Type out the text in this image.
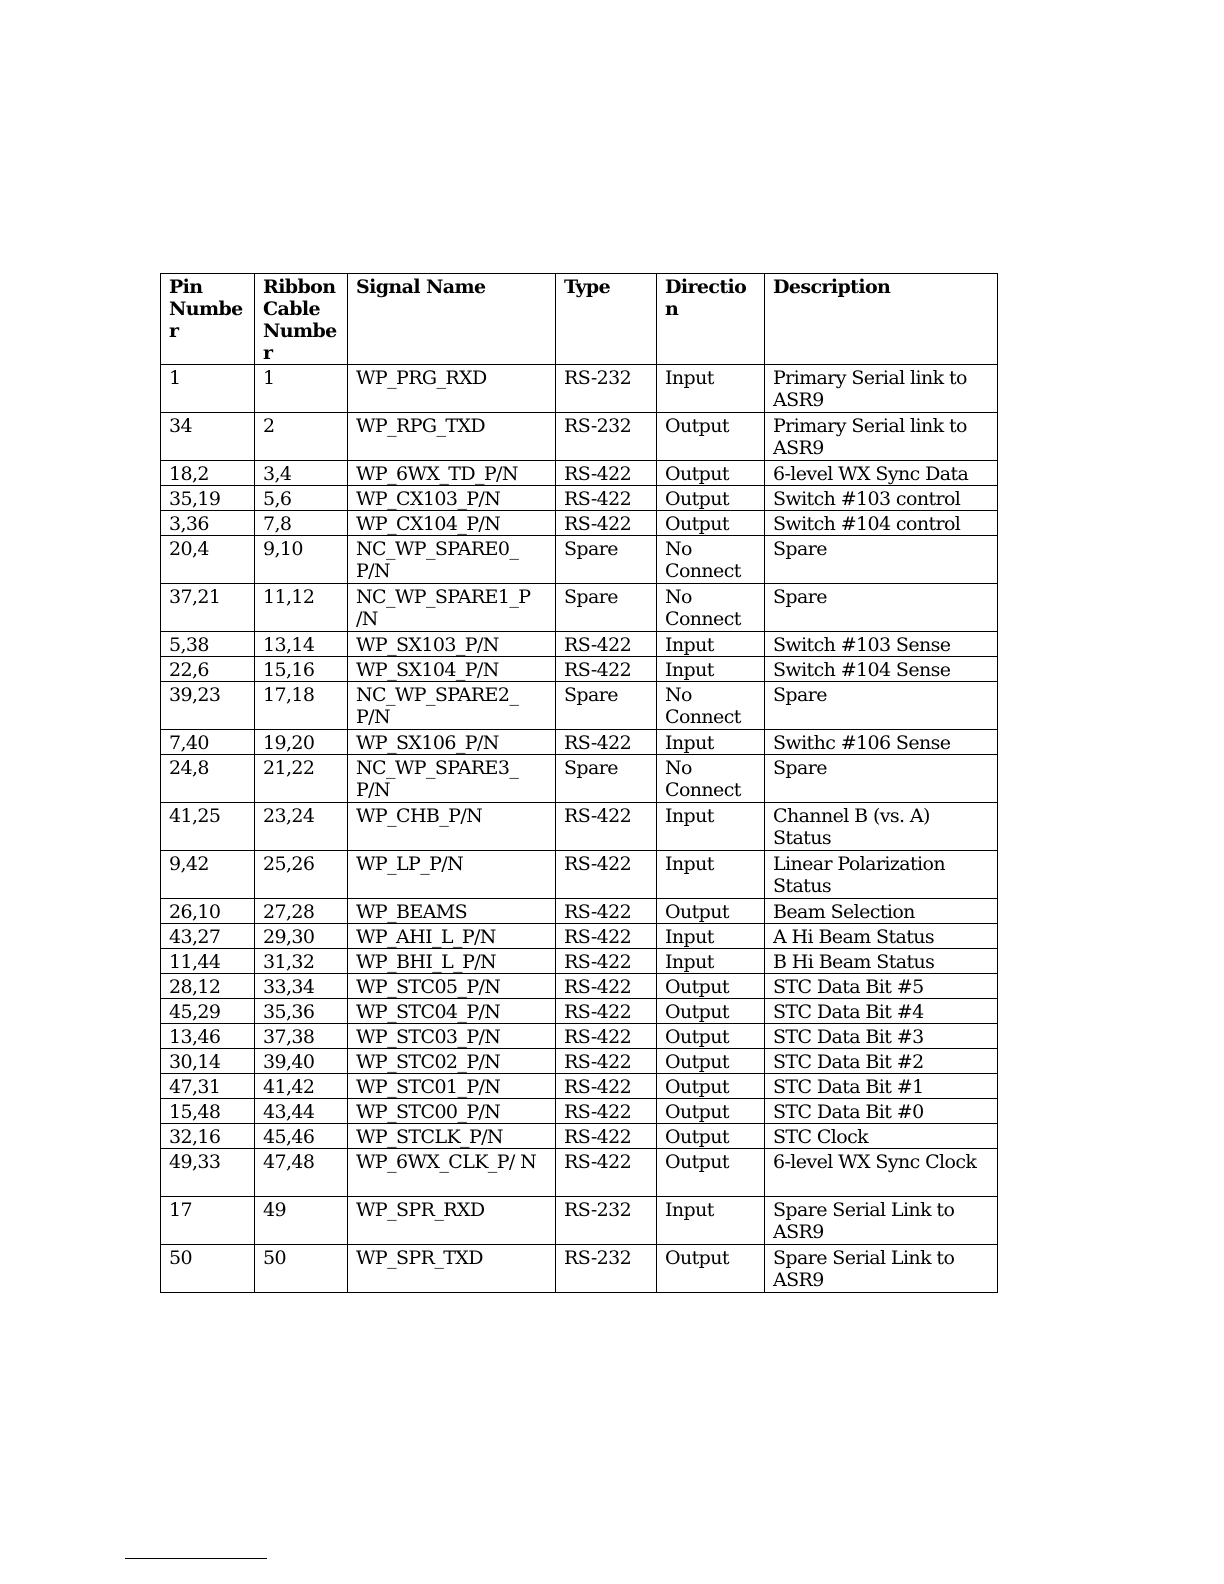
Pin Number	Ribbon Cable Number	Signal Name	Type	Direction	Description
1	1	WP_PRG_RXD	RS-232	Input	Primary Serial link to ASR9
34	2	WP_RPG_TXD	RS-232	Output	Primary Serial link to ASR9
18,2	3,4	WP_6WX_TD_P/N	RS-422	Output	6-level WX Sync Data
35,19	5,6	WP_CX103_P/N	RS-422	Output	Switch #103 control
3,36	7,8	WP_CX104_P/N	RS-422	Output	Switch #104 control
20,4	9,10	NC_WP_SPARE0_ P/N	Spare	No Connect	Spare
37,21	11,12	NC_WP_SPARE1_P /N	Spare	No Connect	Spare
5,38	13,14	WP_SX103_P/N	RS-422	Input	Switch #103 Sense
22,6	15,16	WP_SX104_P/N	RS-422	Input	Switch #104 Sense
39,23	17,18	NC_WP_SPARE2_ P/N	Spare	No Connect	Spare
7,40	19,20	WP_SX106_P/N	RS-422	Input	Swithc #106 Sense
24,8	21,22	NC_WP_SPARE3_ P/N	Spare	No Connect	Spare
41,25	23,24	WP_CHB_P/N	RS-422	Input	Channel B (vs. A) Status
9,42	25,26	WP_LP_P/N	RS-422	Input	Linear Polarization Status
26,10	27,28	WP_BEAMS	RS-422	Output	Beam Selection
43,27	29,30	WP_AHI_L_P/N	RS-422	Input	A Hi Beam Status
11,44	31,32	WP_BHI_L_P/N	RS-422	Input	B Hi Beam Status
28,12	33,34	WP_STC05_P/N	RS-422	Output	STC Data Bit #5
45,29	35,36	WP_STC04_P/N	RS-422	Output	STC Data Bit #4
13,46	37,38	WP_STC03_P/N	RS-422	Output	STC Data Bit #3
30,14	39,40	WP_STC02_P/N	RS-422	Output	STC Data Bit #2
47,31	41,42	WP_STC01_P/N	RS-422	Output	STC Data Bit #1
15,48	43,44	WP_STC00_P/N	RS-422	Output	STC Data Bit #0
32,16	45,46	WP_STCLK_P/N	RS-422	Output	STC Clock
49,33	47,48	WP_6WX_CLK_P/ N	RS-422	Output	6-level WX Sync Clock
17	49	WP_SPR_RXD	RS-232	Input	Spare Serial Link to ASR9
50	50	WP_SPR_TXD	RS-232	Output	Spare Serial Link to ASR9
